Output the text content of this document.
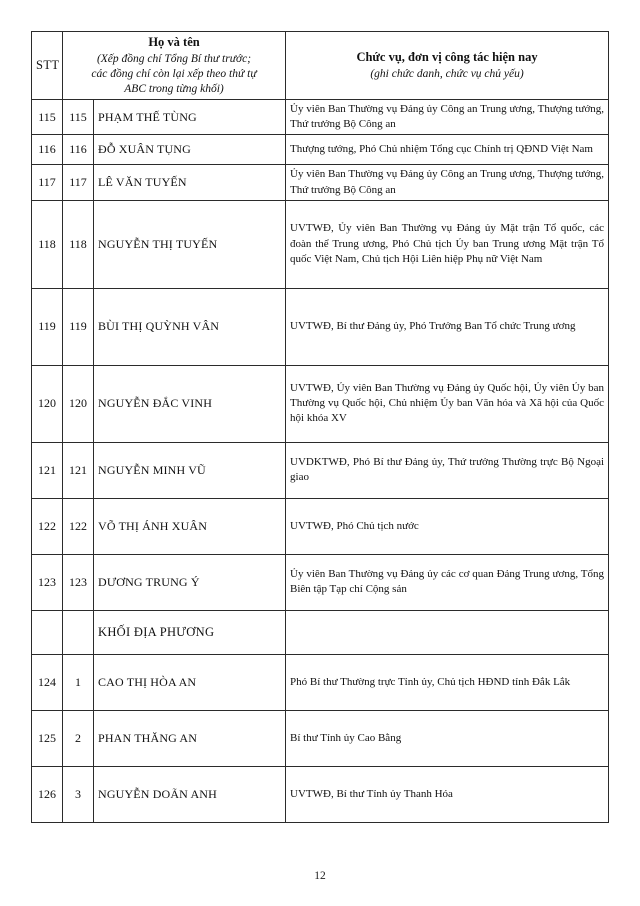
STT	Họ và tên
(Xếp đồng chí Tổng Bí thư trước;
các đồng chí còn lại xếp theo thứ tự
ABC trong từng khối)		Chức vụ, đơn vị công tác hiện nay
(ghi chức danh, chức vụ chủ yếu)

115	115	PHẠM THẾ TÙNG	Ủy viên Ban Thường vụ Đảng ủy Công an Trung ương, Thượng tướng, Thứ trưởng Bộ Công an
116	116	ĐỖ XUÂN TỤNG	Thượng tướng, Phó Chủ nhiệm Tổng cục Chính trị QĐND Việt Nam
117	117	LÊ VĂN TUYẾN	Ủy viên Ban Thường vụ Đảng ủy Công an Trung ương, Thượng tướng, Thứ trưởng Bộ Công an
118	118	NGUYỄN THỊ TUYẾN	UVTWĐ, Ủy viên Ban Thường vụ Đảng ủy Mặt trận Tổ quốc, các đoàn thể Trung ương, Phó Chủ tịch Ủy ban Trung ương Mặt trận Tổ quốc Việt Nam, Chủ tịch Hội Liên hiệp Phụ nữ Việt Nam
119	119	BÙI THỊ QUỲNH VÂN	UVTWĐ, Bí thư Đảng ủy, Phó Trưởng Ban Tổ chức Trung ương
120	120	NGUYỄN ĐẮC VINH	UVTWĐ, Ủy viên Ban Thường vụ Đảng ủy Quốc hội, Ủy viên Ủy ban Thường vụ Quốc hội, Chủ nhiệm Ủy ban Văn hóa và Xã hội của Quốc hội khóa XV
121	121	NGUYỄN MINH VŨ	UVDKTWĐ, Phó Bí thư Đảng ủy, Thứ trưởng Thường trực Bộ Ngoại giao
122	122	VÕ THỊ ÁNH XUÂN	UVTWĐ, Phó Chủ tịch nước
123	123	DƯƠNG TRUNG Ý	Ủy viên Ban Thường vụ Đảng ủy các cơ quan Đảng Trung ương, Tổng Biên tập Tạp chí Cộng sản
		KHỐI ĐỊA PHƯƠNG	
124	1	CAO THỊ HÒA AN	Phó Bí thư Thường trực Tỉnh ủy, Chủ tịch HĐND tỉnh Đắk Lắk
125	2	PHAN THĂNG AN	Bí thư Tỉnh ủy Cao Bằng
126	3	NGUYỄN DOÃN ANH	UVTWĐ, Bí thư Tỉnh ủy Thanh Hóa
12
